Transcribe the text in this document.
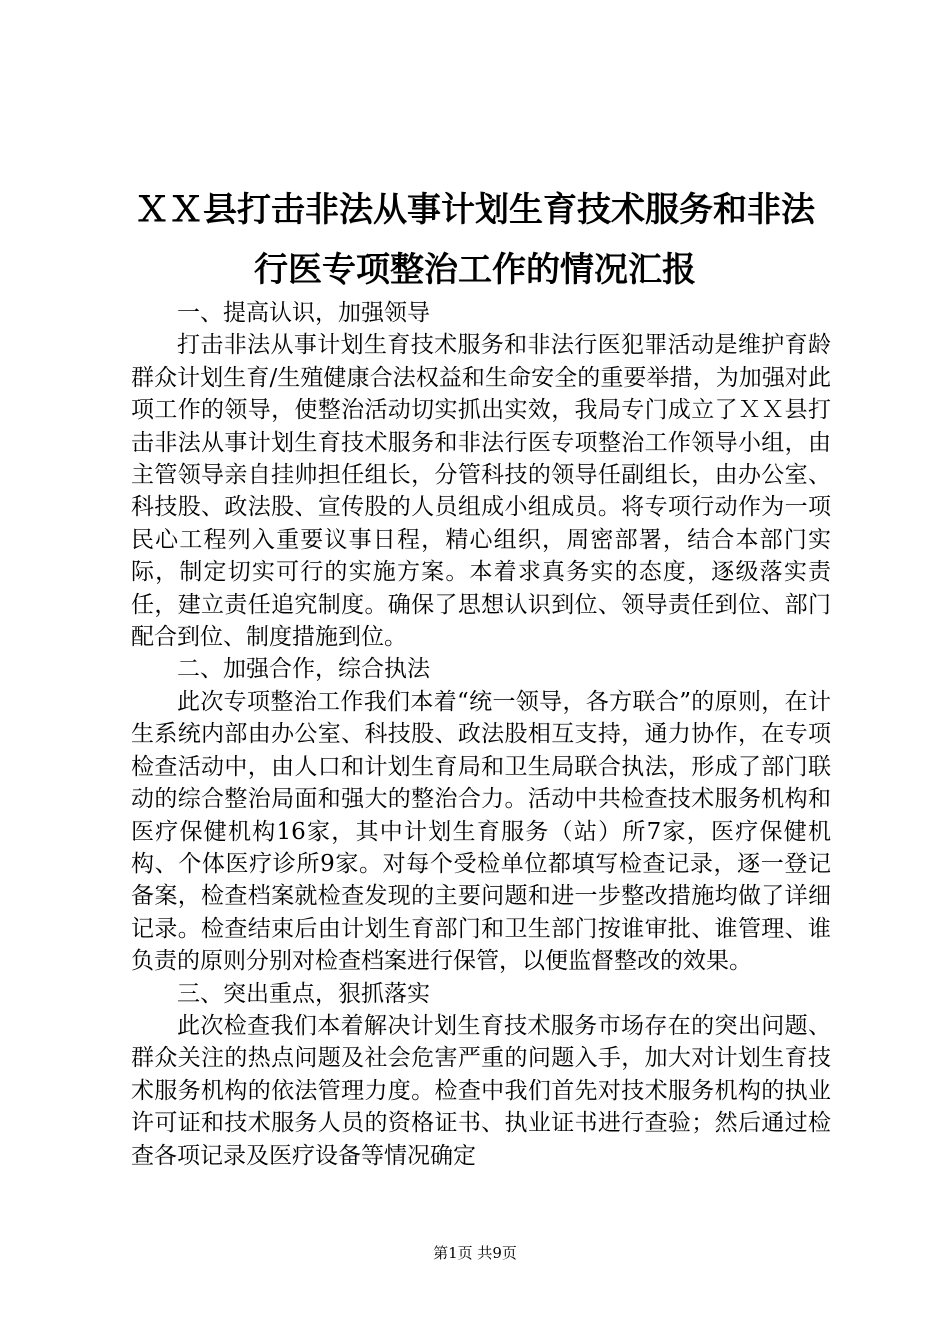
ＸＸ县打击非法从事计划生育技术服务和非法
行医专项整治工作的情况汇报

一、提高认识，加强领导

打击非法从事计划生育技术服务和非法行医犯罪活动是维护育龄群众计划生育/生殖健康合法权益和生命安全的重要举措，为加强对此项工作的领导，使整治活动切实抓出实效，我局专门成立了ＸＸ县打击非法从事计划生育技术服务和非法行医专项整治工作领导小组，由主管领导亲自挂帅担任组长，分管科技的领导任副组长，由办公室、科技股、政法股、宣传股的人员组成小组成员。将专项行动作为一项民心工程列入重要议事日程，精心组织，周密部署，结合本部门实际，制定切实可行的实施方案。本着求真务实的态度，逐级落实责任，建立责任追究制度。确保了思想认识到位、领导责任到位、部门配合到位、制度措施到位。

二、加强合作，综合执法

此次专项整治工作我们本着“统一领导，各方联合”的原则，在计生系统内部由办公室、科技股、政法股相互支持，通力协作，在专项检查活动中，由人口和计划生育局和卫生局联合执法，形成了部门联动的综合整治局面和强大的整治合力。活动中共检查技术服务机构和医疗保健机构16家，其中计划生育服务（站）所7家，医疗保健机构、个体医疗诊所9家。对每个受检单位都填写检查记录，逐一登记备案，检查档案就检查发现的主要问题和进一步整改措施均做了详细记录。检查结束后由计划生育部门和卫生部门按谁审批、谁管理、谁负责的原则分别对检查档案进行保管，以便监督整改的效果。

三、突出重点，狠抓落实

此次检查我们本着解决计划生育技术服务市场存在的突出问题、群众关注的热点问题及社会危害严重的问题入手，加大对计划生育技术服务机构的依法管理力度。检查中我们首先对技术服务机构的执业许可证和技术服务人员的资格证书、执业证书进行查验；然后通过检查各项记录及医疗设备等情况确定

第1页 共9页
